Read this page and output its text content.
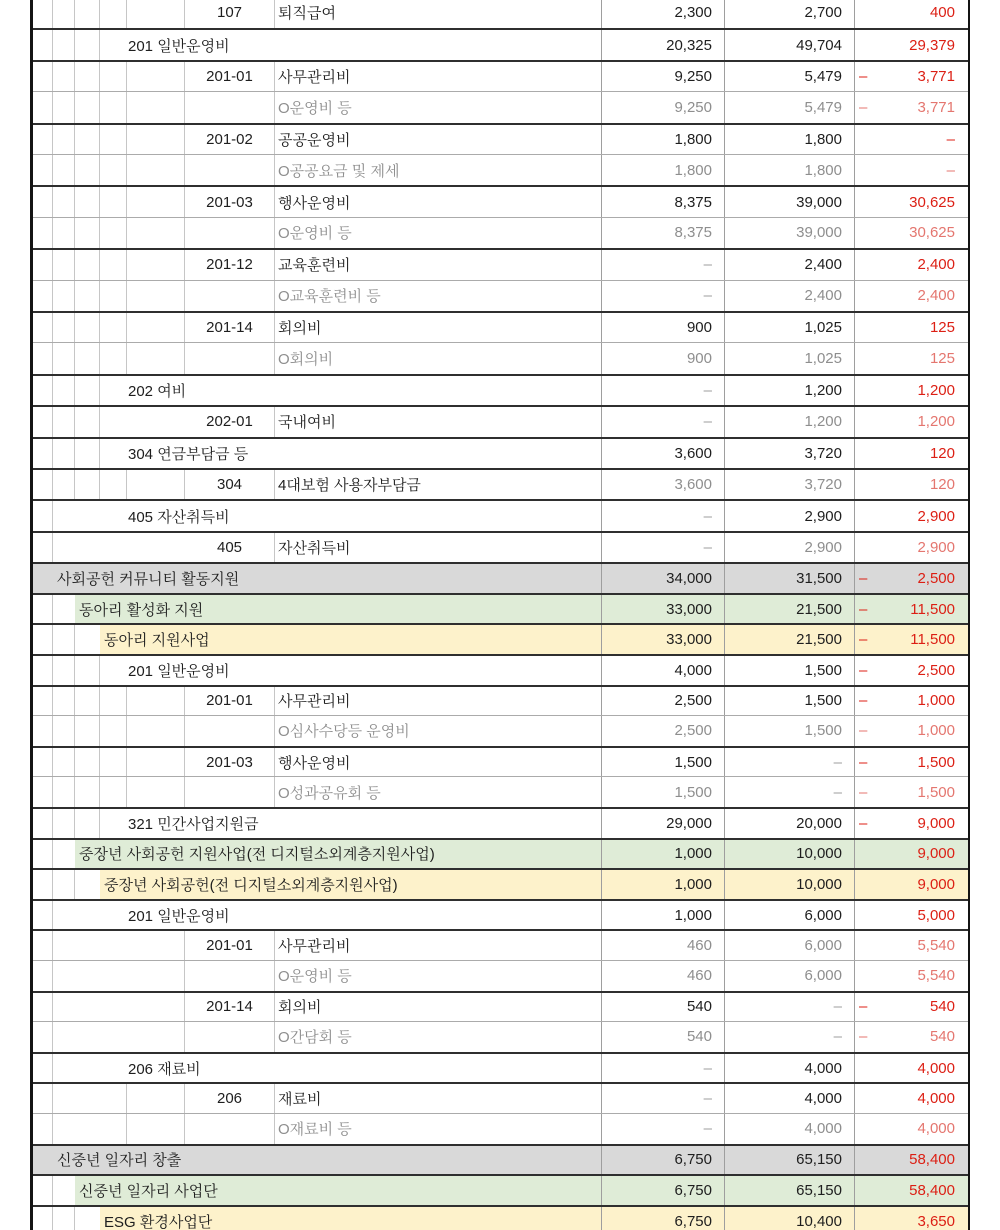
107	퇴직급여	2,300	2,700	400
201 일반운영비	20,325	49,704	29,379
201-01	사무관리비	9,250	5,479	–	3,771
O운영비 등	9,250	5,479	–	3,771
201-02	공공운영비	1,800	1,800	–
O공공요금 및 제세	1,800	1,800	–
201-03	행사운영비	8,375	39,000	30,625
O운영비 등	8,375	39,000	30,625
201-12	교육훈련비	–	2,400	2,400
O교육훈련비 등	–	2,400	2,400
201-14	회의비	900	1,025	125
O회의비	900	1,025	125
202 여비	–	1,200	1,200
202-01	국내여비	–	1,200	1,200
304 연금부담금 등	3,600	3,720	120
304	4대보험 사용자부담금	3,600	3,720	120
405 자산취득비	–	2,900	2,900
405	자산취득비	–	2,900	2,900
사회공헌 커뮤니티 활동지원	34,000	31,500	–	2,500
동아리 활성화 지원	33,000	21,500	–	11,500
동아리 지원사업	33,000	21,500	–	11,500
201 일반운영비	4,000	1,500	–	2,500
201-01	사무관리비	2,500	1,500	–	1,000
O심사수당등 운영비	2,500	1,500	–	1,000
201-03	행사운영비	1,500	–	–	1,500
O성과공유회 등	1,500	–	–	1,500
321 민간사업지원금	29,000	20,000	–	9,000
중장년 사회공헌 지원사업(전 디지털소외계층지원사업)	1,000	10,000	9,000
중장년 사회공헌(전 디지털소외계층지원사업)	1,000	10,000	9,000
201 일반운영비	1,000	6,000	5,000
201-01	사무관리비	460	6,000	5,540
O운영비 등	460	6,000	5,540
201-14	회의비	540	–	–	540
O간담회 등	540	–	–	540
206 재료비	–	4,000	4,000
206	재료비	–	4,000	4,000
O재료비 등	–	4,000	4,000
신중년 일자리 창출	6,750	65,150	58,400
신중년 일자리 사업단	6,750	65,150	58,400
ESG 환경사업단	6,750	10,400	3,650
